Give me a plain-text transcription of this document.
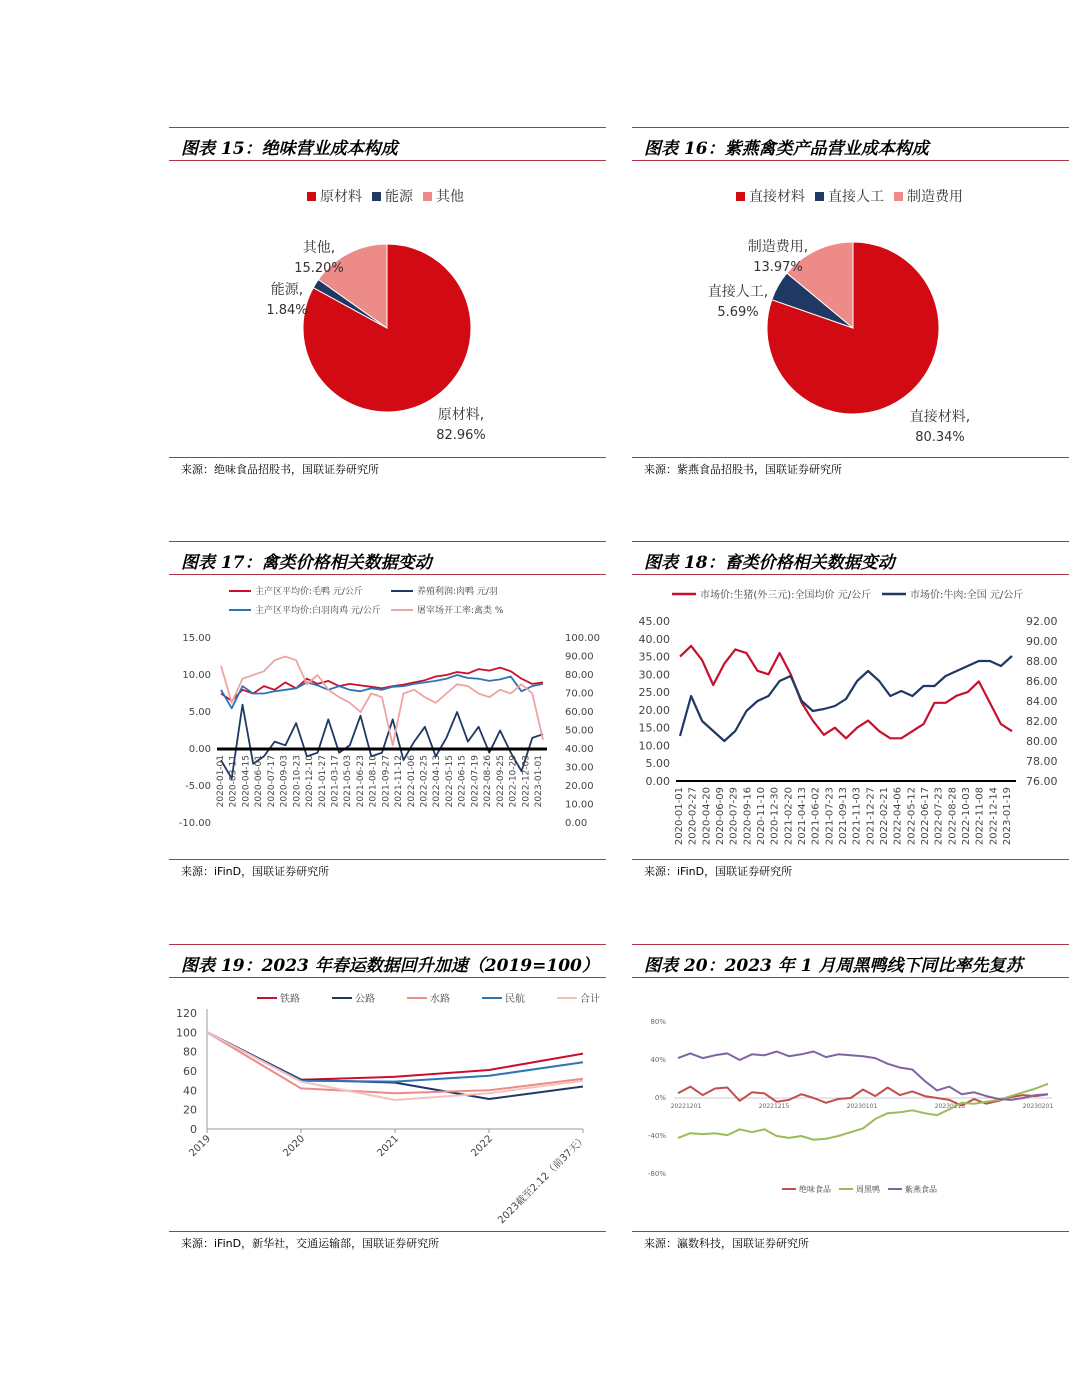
图表 15：绝味营业成本构成
原材料 能源 其他
原材料,
82.96%
能源,
1.84%
其他,
15.20%
来源：绝味食品招股书，国联证券研究所
图表 16：紫燕禽类产品营业成本构成
直接材料 直接人工 制造费用
直接材料,
80.34%
直接人工,
5.69%
制造费用,
13.97%
来源：紫燕食品招股书，国联证券研究所
图表 17：禽类价格相关数据变动
主产区平均价:毛鸭 元/公斤	养殖利润:肉鸭 元/羽
主产区平均价:白羽肉鸡 元/公斤	屠宰场开工率:禽类 %
15.00
10.00
5.00
0.00
-5.00
-10.00
100.00
90.00
80.00
70.00
60.00
50.00
40.00
30.00
20.00
10.00
0.00
2020-01-01 2020-03-11 2020-04-15 2020-06-01 2020-07-17 2020-09-03 2020-10-23 2020-12-10 2021-01-27 2021-03-17 2021-05-03 2021-06-23 2021-08-10 2021-09-27 2021-11-12 2022-01-06 2022-02-25 2022-04-13 2022-05-15 2022-06-15 2022-07-19 2022-08-26 2022-09-25 2022-10-29 2022-12-03 2023-01-01
来源：iFinD，国联证券研究所
图表 18：畜类价格相关数据变动
市场价:生猪(外三元):全国均价 元/公斤	市场价:牛肉:全国 元/公斤
45.00
40.00
35.00
30.00
25.00
20.00
15.00
10.00
5.00
0.00
92.00
90.00
88.00
86.00
84.00
82.00
80.00
78.00
76.00
2020-01-01 2020-02-27 2020-04-20 2020-06-09 2020-07-29 2020-09-16 2020-11-10 2020-12-30 2021-02-20 2021-04-13 2021-06-02 2021-07-23 2021-09-13 2021-11-03 2021-12-27 2022-02-21 2022-04-06 2022-05-12 2022-06-17 2022-07-23 2022-08-28 2022-10-03 2022-11-08 2022-12-14 2023-01-19
来源：iFinD，国联证券研究所
图表 19：2023 年春运数据回升加速（2019=100）
铁路	公路	水路	民航	合计
120
100
80
60
40
20
0
2019	2020	2021	2022 2023截至2.12（前37天）
来源：iFinD，新华社，交通运输部，国联证券研究所
图表 20：2023 年 1 月周黑鸭线下同比率先复苏
80%
40%
0%
-40%
-80%
20221201	20221215	20230101	20230115	20230201
绝味食品	周黑鸭	紫燕食品
来源：瀛数科技，国联证券研究所
